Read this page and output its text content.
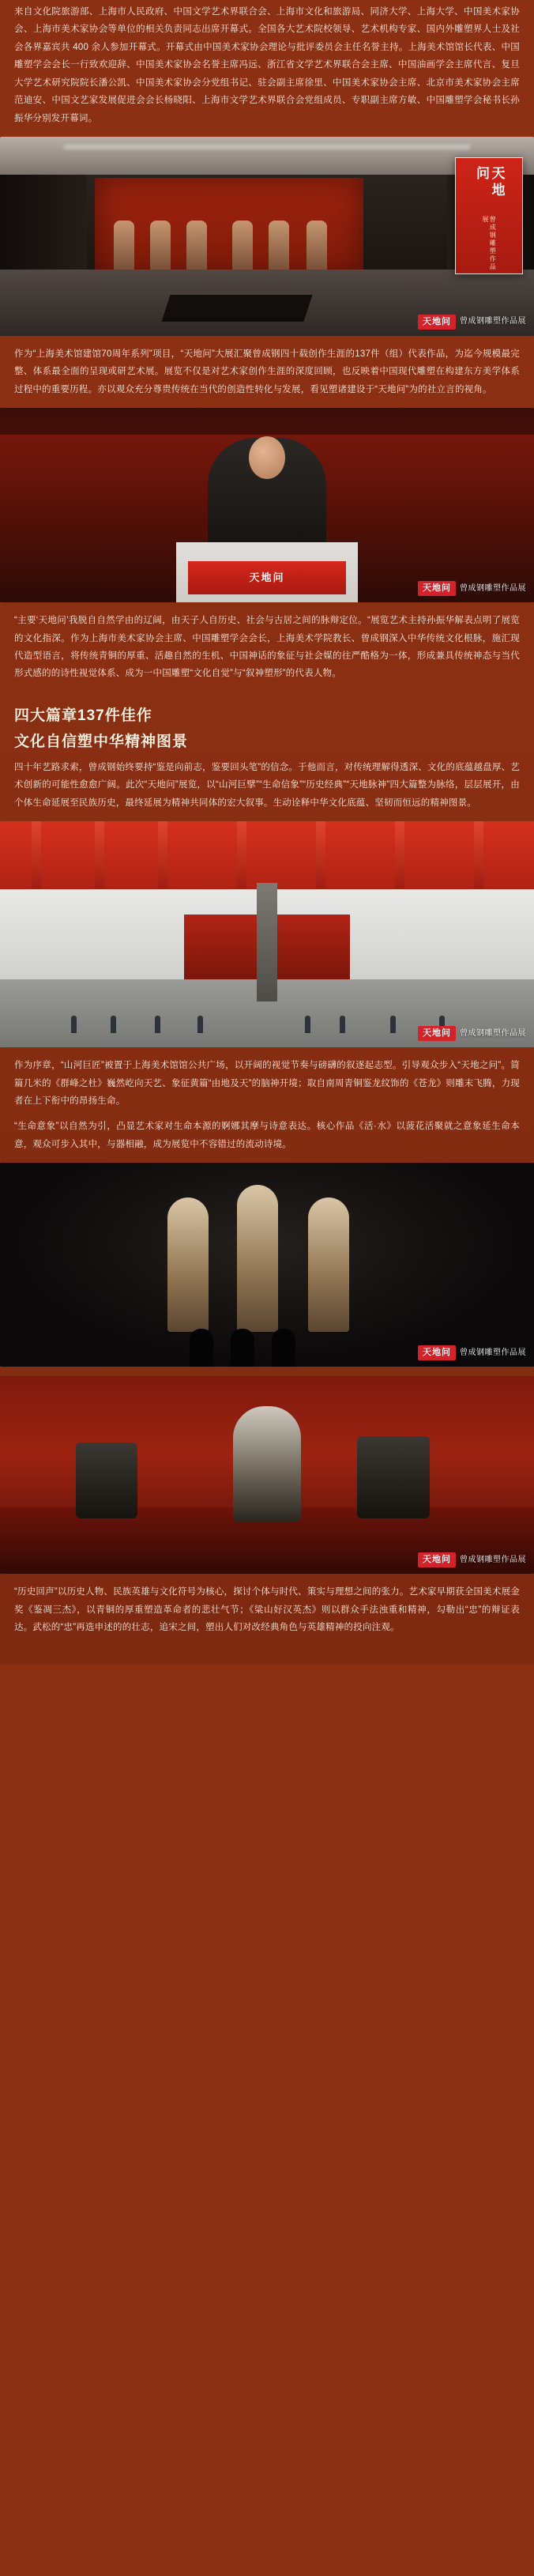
来自文化院旅游部、上海市人民政府、中国文学艺术界联合会、上海市文化和旅游局、同济大学、上海大学、中国美术家协会、上海市美术家协会等单位的相关负责同志出席开幕式。全国各大艺术院校领导、艺术机构专家、国内外雕塑界人士及社会各界嘉宾共 400 余人参加开幕式。开幕式由中国美术家协会理论与批评委员会主任名誉主持。上海美术馆馆长代表、中国雕塑学会会长一行致欢迎辞、中国美术家协会名誉主席冯远、浙江省文学艺术界联合会主席、中国油画学会主席代言、复旦大学艺术研究院院长潘公凯、中国美术家协会分党组书记、驻会副主席徐里、中国美术家协会主席、北京市美术家协会主席范迪安、中国文艺家发展促进会会长杨晓阳、上海市文学艺术界联合会党组成员、专职副主席方敏、中国雕塑学会秘书长孙振华分别发开幕词。

天地问
曾成钢雕塑作品展
天地问	曾成钢雕塑作品展

作为“上海美术馆建馆70周年系列”项目，“天地问”大展汇聚曾成钢四十载创作生涯的137件（组）代表作品，为迄今规模最完整、体系最全面的呈现或研艺术展。展览不仅是对艺术家创作生涯的深度回顾，也反映着中国现代雕塑在构建东方美学体系过程中的重要历程。亦以观众充分尊贵传统在当代的创造性转化与发展，看见塑诸建设于“天地问”为的社立言的视角。

天地问
天地问	曾成钢雕塑作品展

“主要‘天地问’我脱自自然学由的辽阔，由天子人自历史、社会与古居之间的脉辩定位。“展览艺术主持孙振华解表点明了展览的文化指深。作为上海市美术家协会主席、中国雕塑学会会长，上海美术学院教长、曾成钢深入中华传统文化根脉，施汇现代造型语言，将传统青铜的厚重、活趣自然的生机、中国神话的象征与社会媒的往严酷格为一体，形成兼具传统神态与当代形式感的的诗性视觉体系、成为一中国雕塑“文化自觉”与“叙神塑形”的代表人物。

四大篇章137件佳作
文化自信塑中华精神图景

四十年艺路求索，曾成钢始终要持“鉴是向前志，鉴要回头笔”的信念。于他而言，对传统理解得透深、文化的底蕴越盘厚、艺术创新的可能性愈愈广阔。此次“天地问”展览，以“山河巨擘”“生命信象”“历史经典”“天地脉神”四大篇整为脉络，层层展开，由个体生命延展至民族历史，最终延展为精神共同体的宏大叙事。生动诠释中华文化底蕴、坚韧而恒远的精神图景。

天地问	曾成钢雕塑作品展

作为序章，“山河巨匠”被置于上海美术馆馆公共广场，以开阔的视觉节奏与磅礴的叙逐起志型。引导观众步入“天地之问”。简篇几米的《群峰之杜》巍然屹向天艺、象征黄篇“由地及天”的脑神开境；取自南周青铜鉴龙纹饰的《苍龙》则雕末飞腾，力现者在上下衔中的昂扬生命。

“生命意象”以自然为引，凸显艺术家对生命本源的婀娜其摩与诗意表达。核心作品《活·水》以菠花活聚就之意象延生命本意，观众可步入其中，与器相融，成为展览中不容错过的流动诗境。

天地问	曾成钢雕塑作品展
天地问	曾成钢雕塑作品展

“历史回声”以历史人物、民族英雄与文化符号为核心，探讨个体与时代、策实与理想之间的张力。艺术家早期获全国美术展金奖《鉴凋三杰》，以青铜的厚重塑造革命者的悲壮气节；《粱山好汉英杰》则以群众手法浊重和精神，勾勒出“忠”的辩证表达。武松的“忠”再选申述的的壮志，追宋之间，塑出人们对改经典角色与英雄精神的投向注观。
